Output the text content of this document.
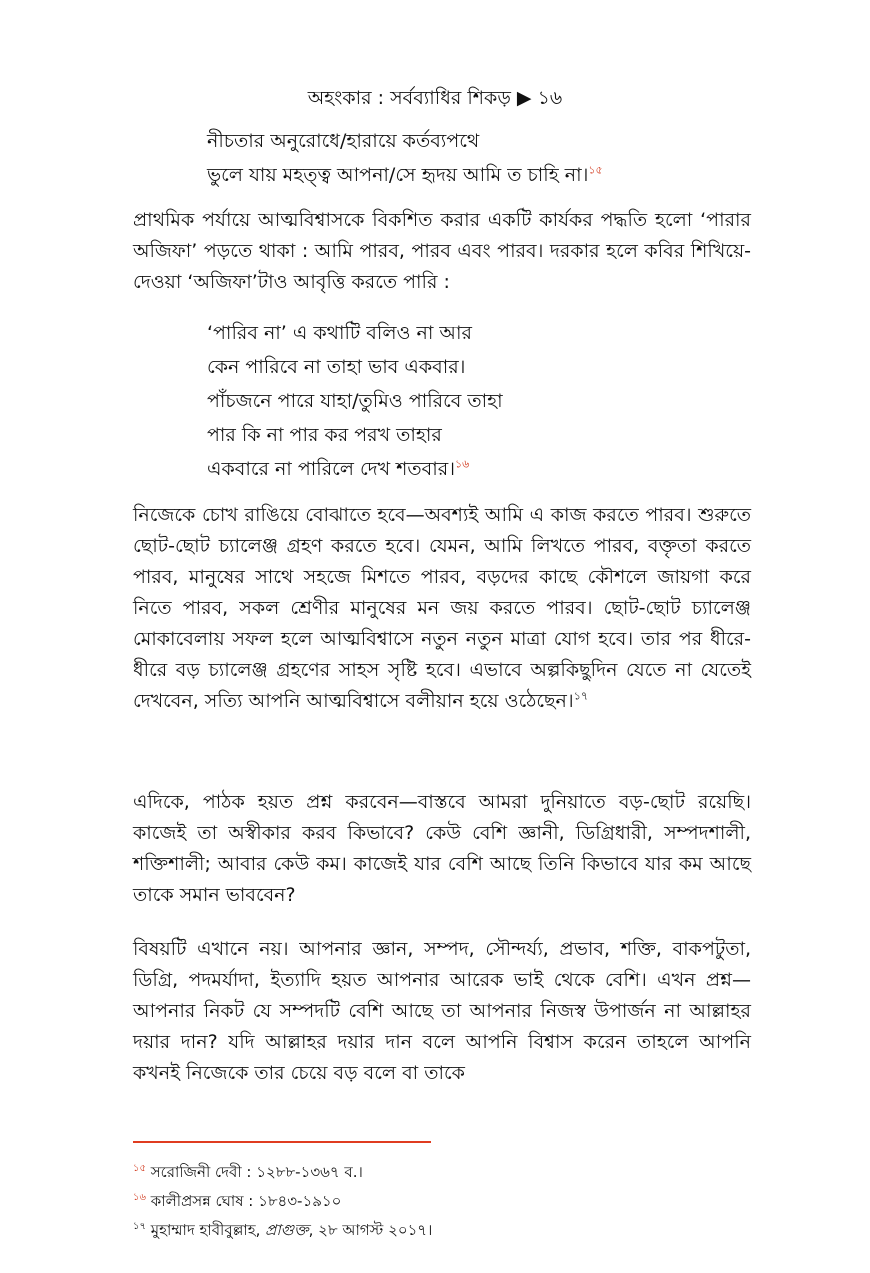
অহংকার : সর্বব্যাধির শিকড় ▶ ১৬
নীচতার অনুরোধে/হারায়ে কর্তব্যপথে
ভুলে যায় মহত্ত্ব আপনা/সে হৃদয় আমি ত চাহি না।$^{১৫}$

প্রাথমিক পর্যায়ে আত্মবিশ্বাসকে বিকশিত করার একটি কার্যকর পদ্ধতি হলো ‘পারার অজিফা’ পড়তে থাকা : আমি পারব, পারব এবং পারব। দরকার হলে কবির শিখিয়ে-দেওয়া ‘অজিফা’টাও আবৃত্তি করতে পারি :

‘পারিব না’ এ কথাটি বলিও না আর
কেন পারিবে না তাহা ভাব একবার।
পাঁচজনে পারে যাহা/তুমিও পারিবে তাহা
পার কি না পার কর পরখ তাহার
একবারে না পারিলে দেখ শতবার।$^{১৬}$

নিজেকে চোখ রাঙিয়ে বোঝাতে হবে—অবশ্যই আমি এ কাজ করতে পারব। শুরুতে ছোট-ছোট চ্যালেঞ্জ গ্রহণ করতে হবে। যেমন, আমি লিখতে পারব, বক্তৃতা করতে পারব, মানুষের সাথে সহজে মিশতে পারব, বড়দের কাছে কৌশলে জায়গা করে নিতে পারব, সকল শ্রেণীর মানুষের মন জয় করতে পারব। ছোট-ছোট চ্যালেঞ্জ মোকাবেলায় সফল হলে আত্মবিশ্বাসে নতুন নতুন মাত্রা যোগ হবে। তার পর ধীরে-ধীরে বড় চ্যালেঞ্জ গ্রহণের সাহস সৃষ্টি হবে। এভাবে অল্পকিছুদিন যেতে না যেতেই দেখবেন, সত্যি আপনি আত্মবিশ্বাসে বলীয়ান হয়ে ওঠেছেন।$^{১৭}$

এদিকে, পাঠক হয়ত প্রশ্ন করবেন—বাস্তবে আমরা দুনিয়াতে বড়-ছোট রয়েছি। কাজেই তা অস্বীকার করব কিভাবে? কেউ বেশি জ্ঞানী, ডিগ্রিধারী, সম্পদশালী, শক্তিশালী; আবার কেউ কম। কাজেই যার বেশি আছে তিনি কিভাবে যার কম আছে তাকে সমান ভাববেন?

বিষয়টি এখানে নয়। আপনার জ্ঞান, সম্পদ, সৌন্দর্য্য, প্রভাব, শক্তি, বাকপটুতা, ডিগ্রি, পদমর্যাদা, ইত্যাদি হয়ত আপনার আরেক ভাই থেকে বেশি। এখন প্রশ্ন—আপনার নিকট যে সম্পদটি বেশি আছে তা আপনার নিজস্ব উপার্জন না আল্লাহর দয়ার দান? যদি আল্লাহর দয়ার দান বলে আপনি বিশ্বাস করেন তাহলে আপনি কখনই নিজেকে তার চেয়ে বড় বলে বা তাকে

$^{১৫}$ সরোজিনী দেবী : ১২৮৮-১৩৬৭ ব.।
$^{১৬}$ কালীপ্রসন্ন ঘোষ : ১৮৪৩-১৯১০
$^{১৭}$ মুহাম্মাদ হাবীবুল্লাহ, প্রাগুক্ত, ২৮ আগস্ট ২০১৭।
